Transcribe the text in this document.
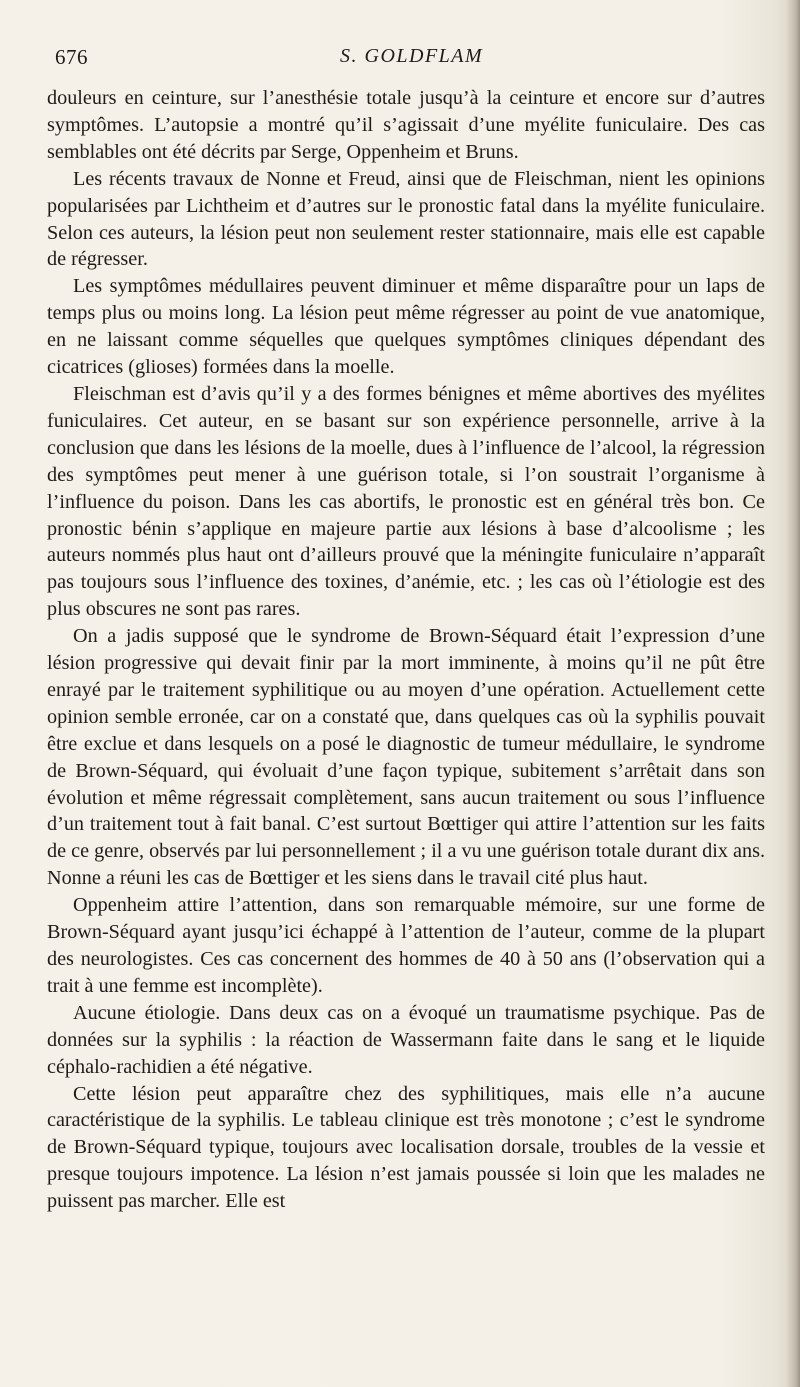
676	S. GOLDFLAM

douleurs en ceinture, sur l’anesthésie totale jusqu’à la ceinture et encore sur d’autres symptômes. L’autopsie a montré qu’il s’agissait d’une myélite funiculaire. Des cas semblables ont été décrits par Serge, Oppenheim et Bruns.

Les récents travaux de Nonne et Freud, ainsi que de Fleischman, nient les opinions popularisées par Lichtheim et d’autres sur le pronostic fatal dans la myélite funiculaire. Selon ces auteurs, la lésion peut non seulement rester stationnaire, mais elle est capable de régresser.

Les symptômes médullaires peuvent diminuer et même disparaître pour un laps de temps plus ou moins long. La lésion peut même régresser au point de vue anatomique, en ne laissant comme séquelles que quelques symptômes cliniques dépendant des cicatrices (glioses) formées dans la moelle.

Fleischman est d’avis qu’il y a des formes bénignes et même abortives des myélites funiculaires. Cet auteur, en se basant sur son expérience personnelle, arrive à la conclusion que dans les lésions de la moelle, dues à l’influence de l’alcool, la régression des symptômes peut mener à une guérison totale, si l’on soustrait l’organisme à l’influence du poison. Dans les cas abortifs, le pronostic est en général très bon. Ce pronostic bénin s’applique en majeure partie aux lésions à base d’alcoolisme ; les auteurs nommés plus haut ont d’ailleurs prouvé que la méningite funiculaire n’apparaît pas toujours sous l’influence des toxines, d’anémie, etc. ; les cas où l’étiologie est des plus obscures ne sont pas rares.

On a jadis supposé que le syndrome de Brown-Séquard était l’expression d’une lésion progressive qui devait finir par la mort imminente, à moins qu’il ne pût être enrayé par le traitement syphilitique ou au moyen d’une opération. Actuellement cette opinion semble erronée, car on a constaté que, dans quelques cas où la syphilis pouvait être exclue et dans lesquels on a posé le diagnostic de tumeur médullaire, le syndrome de Brown-Séquard, qui évoluait d’une façon typique, subitement s’arrêtait dans son évolution et même régressait complètement, sans aucun traitement ou sous l’influence d’un traitement tout à fait banal. C’est surtout Bœttiger qui attire l’attention sur les faits de ce genre, observés par lui personnellement ; il a vu une guérison totale durant dix ans. Nonne a réuni les cas de Bœttiger et les siens dans le travail cité plus haut.

Oppenheim attire l’attention, dans son remarquable mémoire, sur une forme de Brown-Séquard ayant jusqu’ici échappé à l’attention de l’auteur, comme de la plupart des neurologistes. Ces cas concernent des hommes de 40 à 50 ans (l’observation qui a trait à une femme est incomplète).

Aucune étiologie. Dans deux cas on a évoqué un traumatisme psychique. Pas de données sur la syphilis : la réaction de Wassermann faite dans le sang et le liquide céphalo-rachidien a été négative.

Cette lésion peut apparaître chez des syphilitiques, mais elle n’a aucune caractéristique de la syphilis. Le tableau clinique est très monotone ; c’est le syndrome de Brown-Séquard typique, toujours avec localisation dorsale, troubles de la vessie et presque toujours impotence. La lésion n’est jamais poussée si loin que les malades ne puissent pas marcher. Elle est
